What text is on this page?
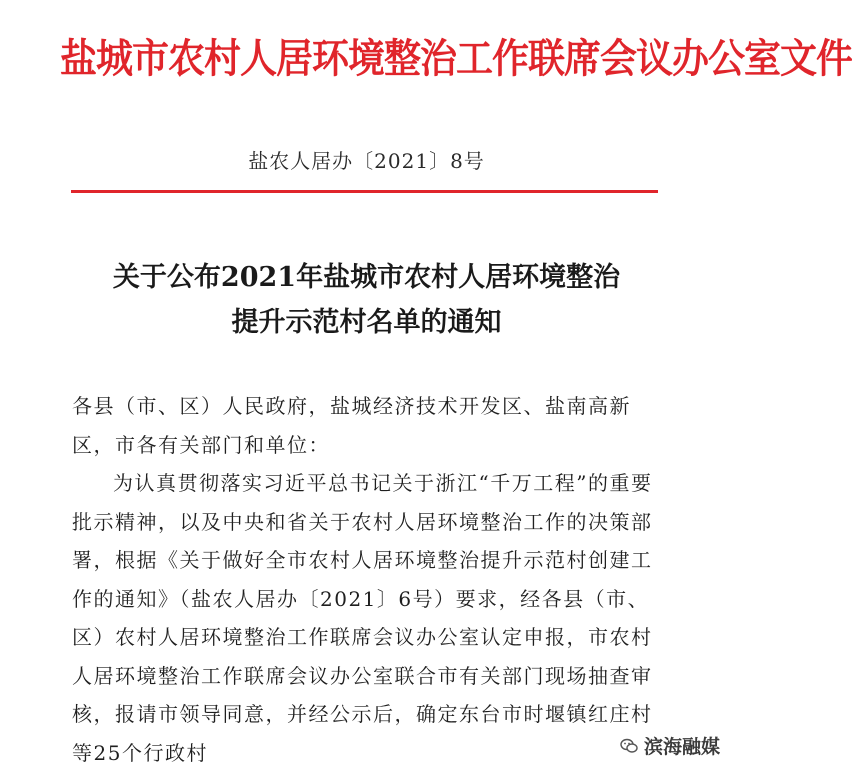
盐城市农村人居环境整治工作联席会议办公室文件
盐农人居办〔2021〕8号
关于公布2021年盐城市农村人居环境整治
提升示范村名单的通知

各县（市、区）人民政府，盐城经济技术开发区、盐南高新区，市各有关部门和单位：

为认真贯彻落实习近平总书记关于浙江“千万工程”的重要批示精神，以及中央和省关于农村人居环境整治工作的决策部署，根据《关于做好全市农村人居环境整治提升示范村创建工作的通知》（盐农人居办〔2021〕6号）要求，经各县（市、区）农村人居环境整治工作联席会议办公室认定申报，市农村人居环境整治工作联席会议办公室联合市有关部门现场抽查审核，报请市领导同意，并经公示后，确定东台市时堰镇红庄村等25个行政村	滨海融媒
